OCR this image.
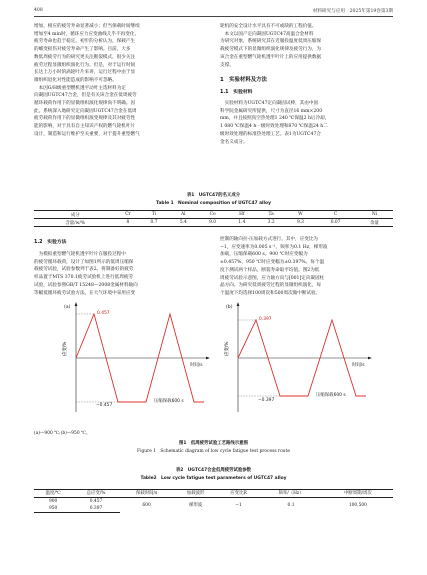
408	材料研究与应用　2025年第19卷第3期

增加，相应的疲劳寿命显著减小；但当保载时间继续

增加至4 min时，循环应力应变曲线几乎不再变化，

疲劳寿命也趋于稳定。初步的分析认为，保载产生

的蠕变损伤对疲劳寿命产生了影响。目前，大多

数低周疲劳行为的研究更关注断裂模式，很少关注

疲劳过程显微组织演化行为。但是，对于运行时间

长达上万小时的涡轮叶片来讲，运行过程中由于显

微组织退化对性能造成的影响不可忽略。

　本因G/H级重型燃机透平动叶主选材料为定

向凝固UGTC47合金，但是有关该合金在低周疲劳

循环载荷作用下的显微组织演化规律尚不明确。因

此，系统深入地研究定向凝固UGTC47合金在低周

疲劳载荷作用下的显微组织演变规律及其对疲劳性

能的影响，对于具有自主知识产权的燃气轮机叶片

设计，制造和运行维护至关重要，对于提升重型燃气

轮机的安全设计水平具有不可或缺的工程价值。

　本文以国产定向凝固UGTC47高温合金材料

为研究对象，系统研究其在近服役温度低周压缩保

载疲劳模式下的显微组织演化规律及疲劳行为，为

该合金在重型燃气轮机透平叶片上的应用提供数据

支撑。

1　实验材料及方法
1.1　实验材料

　实验材料为UGTC47定向凝固试棒，其由中国

科学院金属研究所提供，尺寸为直径16 mm×200

mm，并且按照真空热处理1 240 ℃保温2 h后冷却，

1 080 ℃保温4 h一级时效处理和870 ℃保温24 h二

级时效处理的标准热处理工艺。表1为UGTC47合

金名义成分。

表1　UGTC47的名义成分
Table 1　Nominal composition of UGTC47 alloy
成分	Cr	Ti	Al	Co	Hf	Ta	W	C	Ni
含量/w/%	8	0.7	5.4	9.0	1.4	3.2	9.3	0.07	余量
1.2　实验方法

　为模拟重型燃气轮机透平叶片在服役过程中

的疲劳循环载荷，设计了如图1所示的低周压缩保

载疲劳试验，试验参数列于表2。将制备好的疲劳

样品置于MTS 370.1疲劳试验机上进行低周疲劳

试验，试验参照GB/T 15248—2008金属材料轴向

等幅低循环疲劳试验方法，在大气环境中采用应变

控制的轴向拉-压加载方式进行。其中，应变比为

−1，应变速率为0.005 s⁻¹，频率为0.1 Hz，梯形波

加载，压缩保载600 s。900 ℃时应变幅为

±0.457%，950 ℃时应变幅为±0.397%。每个温

度下测试两个样品，断裂寿命取平均值。图2为低

周疲劳试验示意图，应力轴方向与[001]定向凝固柱

晶方向。为研究低周疲劳过程的显微组织演化，每

个温度下均选择100周次和500周次做中断试验。

应变/%
0.457
−0.457
压缩保载600 s
时间/s
(a)
应变/%
0.397
−0.397
压缩保载600 s
时间/s
(b)
(a)—900 ℃;(b)—950 ℃。
图1　低周疲劳试验工艺路线示意图
Figure 1　Schematic diagram of low cycle fatigue test process route
表2　UGTC47合金低周疲劳试验参数
Table2　Low cycle fatigue test parameters of UGTC47 alloy
温度/℃	总应变/%	保载时间/s	加载波形	应变比R	频率/（Hz）	中断周期/周次
900	0.457	600	梯形波	−1	0.1	100,500
950	0.397					
